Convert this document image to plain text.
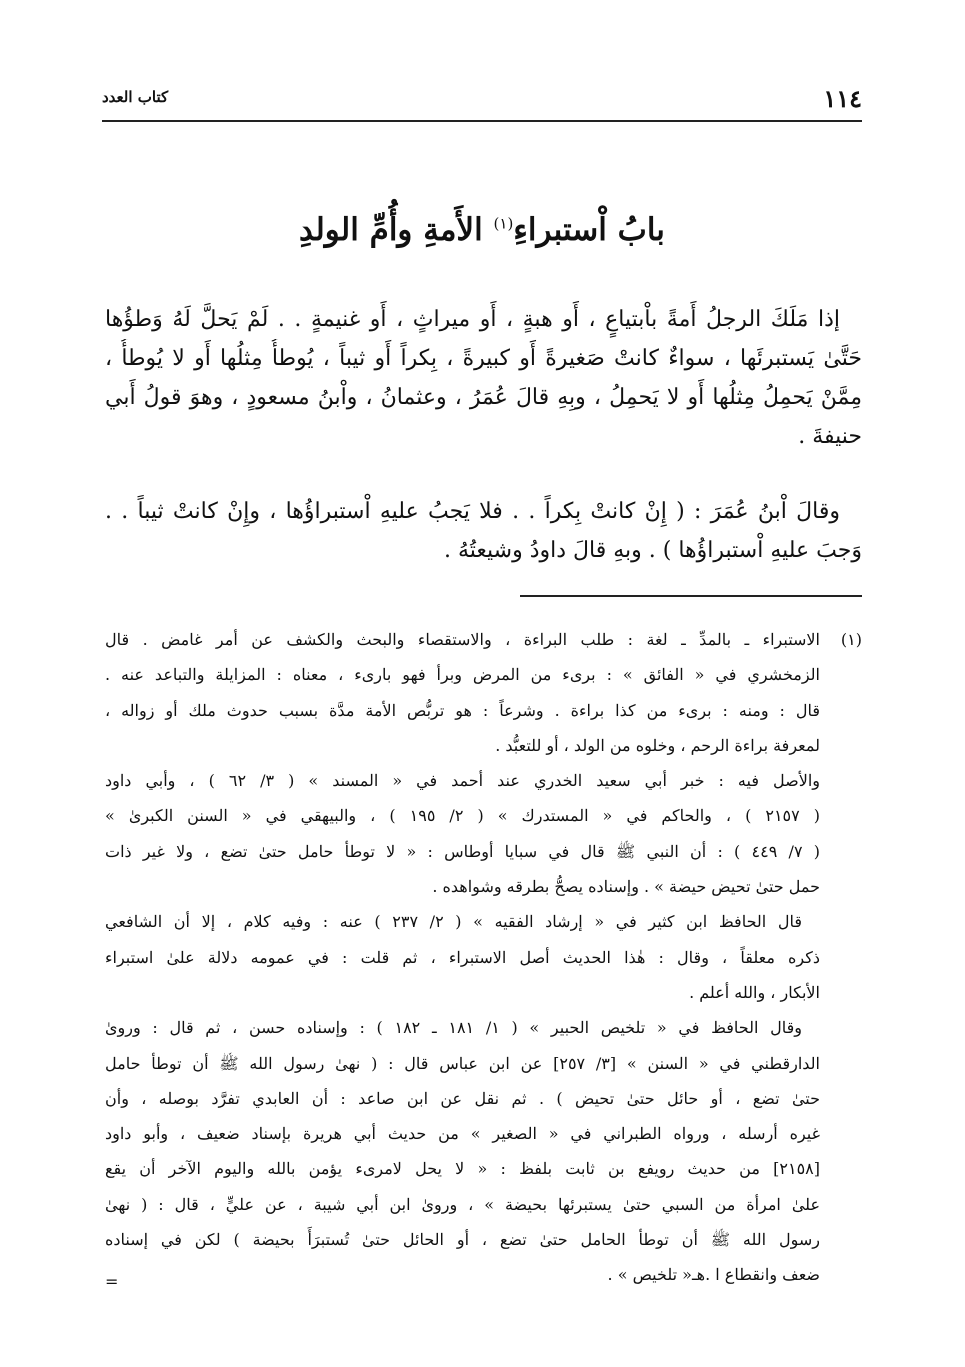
١١٤
كتاب العدد
بابُ اْستبراءِ$^{(١)}$ الأَمةِ وأُمِّ الولدِ
إذا مَلَكَ الرجلُ أَمةً باْبتياعٍ ، أَو هبةٍ ، أَو ميراثٍ ، أَو غنيمةٍ . . لَمْ يَحلَّ لَهُ وَطؤُها
حَتَّىٰ يَستبرئَها ، سواءٌ كانتْ صَغيرةً أَو كبيرةً ، بِكراً أَو ثيباً ، يُوطأُ مِثلُها أَو لا يُوطأُ ،
مِمَّنْ يَحمِلُ مِثلُها أَو لا يَحمِلُ ، وبِهِ قالَ عُمَرُ ، وعثمانُ ، واْبنُ مسعودٍ ، وهوَ قولُ أَبي
حنيفةَ .
وقالَ اْبنُ عُمَرَ : ( إِنْ كانتْ بِكراً . . فلا يَجبُ عليهِ اْستبراؤُها ، وإِنْ كانتْ ثيباً . .
وَجبَ عليهِ اْستبراؤُها ) . وبهِ قالَ داودُ وشيعتُهُ .
(١)
الاستبراء ـ بالمدِّ ـ لغة : طلب البراءة ، والاستقصاء والبحث والكشف عن أمر غامض . قال
الزمخشري في « الفائق » : برىء من المرض وبرأ فهو بارىء ، معناه : المزايلة والتباعد عنه .
قال : ومنه : برىء من كذا براءة . وشرعاً : هو تربُّص الأمة مدَّة بسبب حدوث ملك أو زواله ،
لمعرفة براءة الرحم ، وخلوه من الولد ، أو للتعبُّد .
والأصل فيه : خبر أبي سعيد الخدري عند أحمد في « المسند » ( ٣/ ٦٢ ) ، وأبي داود
( ٢١٥٧ ) ، والحاكم في « المستدرك » ( ٢/ ١٩٥ ) ، والبيهقي في « السنن الكبرىٰ »
( ٧/ ٤٤٩ ) : أن النبي ﷺ قال في سبايا أوطاس : « لا توطأ حامل حتىٰ تضع ، ولا غير ذات
حمل حتىٰ تحيض حيضة » . وإسناده يصحُّ بطرقه وشواهده .
قال الحافظ ابن كثير في « إرشاد الفقيه » ( ٢/ ٢٣٧ ) عنه : وفيه كلام ، إلا أن الشافعي
ذكره معلقاً ، وقال : هٰذا الحديث أصل الاستبراء ، ثم قلت : في عمومه دلالة علىٰ استبراء
الأبكار ، والله أعلم .
وقال الحافظ في « تلخيص الحبير » ( ١/ ١٨١ ـ ١٨٢ ) : وإسناده حسن ، ثم قال : وروىٰ
الدارقطني في « السنن » [٣/ ٢٥٧] عن ابن عباس قال : ( نهىٰ رسول الله ﷺ أن توطأ حامل
حتىٰ تضع ، أو حائل حتىٰ تحيض ) . ثم نقل عن ابن صاعد : أن العابدي تفرَّد بوصله ، وأن
غيره أرسله ، ورواه الطبراني في « الصغير » من حديث أبي هريرة بإسناد ضعيف ، وأبو داود
[٢١٥٨] من حديث رويفع بن ثابت بلفظ : « لا يحل لامرىء يؤمن بالله واليوم الآخر أن يقع
علىٰ امرأة من السبي حتىٰ يستبرئها بحيضة » ، وروىٰ ابن أبي شيبة ، عن عليٍّ ، قال : ( نهىٰ
رسول الله ﷺ أن توطأ الحامل حتىٰ تضع ، أو الحائل حتىٰ تُستبرَأَ بحيضة ) لكن في إسناده
ضعف وانقطاع ا .هـ« تلخيص » .
=
